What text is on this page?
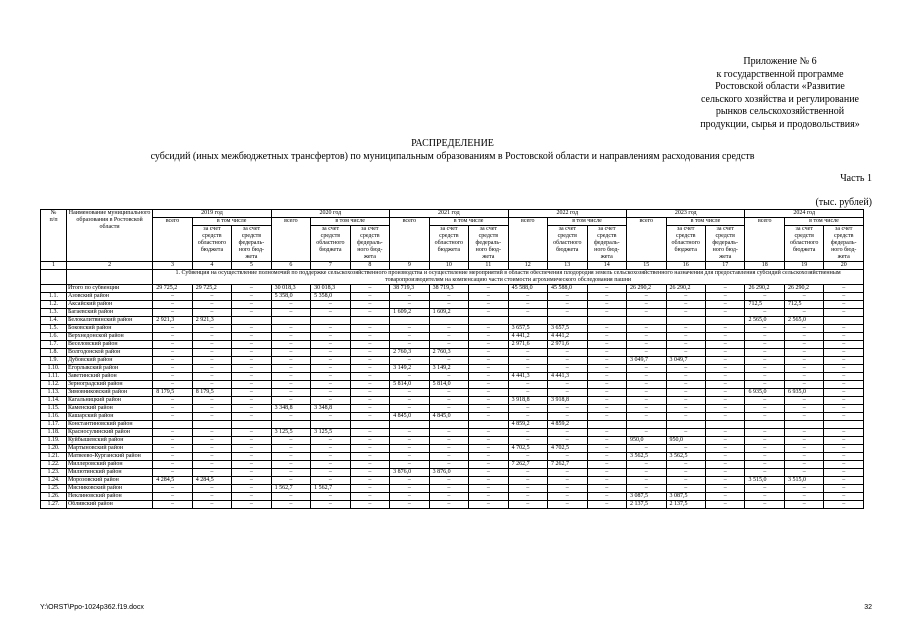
Приложение № 6
к государственной программе
Ростовской области «Развитие
сельского хозяйства и регулирование
рынков сельскохозяйственной
продукции, сырья и продовольствия»
РАСПРЕДЕЛЕНИЕ
субсидий (иных межбюджетных трансфертов) по муниципальным образованиям в Ростовской области и направлениям расходования средств
Часть 1
(тыс. рублей)
№
п/п	Наименование муниципального образования в Ростовской области	2019 год			2020 год			2021 год			2022 год			2023 год			2024 год		
		всего	в том числе		всего	в том числе		всего	в том числе		всего	в том числе		всего	в том числе		всего	в том числе	
			за счет средств областного бюджета	за счет средств федераль-ного бюд-жета		за счет средств областного бюджета	за счет средств федераль-ного бюд-жета		за счет средств областного бюджета	за счет средств федераль-ного бюд-жета		за счет средств областного бюджета	за счет средств федераль-ного бюд-жета		за счет средств областного бюджета	за счет средств федераль-ного бюд-жета		за счет средств областного бюджета	за счет средств федераль-ного бюд-жета
1	2	3	4	5	6	7	8	9	10	11	12	13	14	15	16	17	18	19	20
		1. Субвенция на осуществление полномочий по поддержке сельскохозяйственного производства и осуществление мероприятий в области обеспечения плодородия земель сельскохозяйственного назначения для предоставления субсидий сельскохозяйственным товаропроизводителям на компенсацию части стоимости агрохимического обследования пашни																	
	Итого по субвенции	29 725,2	29 725,2	–	30 018,3	30 018,3	–	38 719,3	38 719,3	–	45 588,0	45 588,0	–	26 290,2	26 290,2	–	26 290,2	26 290,2	–
1.1.	Азовский район	–	–	–	5 358,0	5 358,0	–	–	–	–	–	–	–	–	–	–	–	–	–
1.2.	Аксайский район	–	–	–	–	–	–	–	–	–	–	–	–	–	–	–	712,5	712,5	–
1.3.	Багаевский район	–	–	–	–	–	–	1 609,2	1 609,2	–	–	–	–	–	–	–	–	–	–
1.4.	Белокалитвинский район	2 921,3	2 921,3														2 565,0	2 565,0	
1.5.	Боковский район	–	–	–	–	–	–	–	–	–	3 657,5	3 657,5	–	–	–	–	–	–	–
1.6.	Верхнедонской район	–	–	–	–	–	–	–	–	–	4 441,2	4 441,2	–	–	–	–	–	–	–
1.7.	Веселовский район	–	–	–	–	–	–	–	–	–	2 971,6	2 971,6	–	–	–	–	–	–	–
1.8.	Волгодонской район	–	–	–	–	–	–	2 760,3	2 760,3	–	–	–	–	–	–	–	–	–	–
1.9.	Дубовский район	–	–	–	–	–	–	–	–	–	–	–	–	3 049,7	3 049,7	–	–	–	–
1.10.	Егорлыкский район	–	–	–	–	–	–	3 149,2	3 149,2	–	–	–	–	–	–	–	–	–	–
1.11.	Заветинский район	–	–	–	–	–	–	–	–	–	4 441,3	4 441,3	–	–	–	–	–	–	–
1.12.	Зерноградский район	–	–	–	–	–	–	5 814,0	5 814,0	–	–	–	–	–	–	–	–	–	–
1.13.	Зимовниковский район	8 179,5	8 179,5	–	–	–	–	–	–	–	–	–	–	–	–	–	6 935,0	6 935,0	–
1.14.	Кагальницкий район	–	–	–	–	–	–	–	–	–	3 918,8	3 918,8	–	–	–	–	–	–	–
1.15.	Каменский район	–	–	–	3 348,8	3 348,8	–	–	–	–	–	–	–	–	–	–	–	–	–
1.16.	Кашарский район	–	–	–	–	–	–	4 845,0	4 845,0	–	–	–	–	–	–	–	–	–	–
1.17.	Константиновский район										4 859,2	4 859,2							
1.18.	Красносулинский район	–	–	–	3 125,5	3 125,5	–	–	–	–	–	–	–	–	–	–	–	–	–
1.19.	Куйбышевский район	–	–	–	–	–	–	–	–	–	–	–	–	950,0	950,0	–	–	–	–
1.20.	Мартыновский район	–	–	–	–	–	–	–	–	–	4 702,5	4 702,5	–	–	–	–	–	–	–
1.21.	Матвеево-Курганский район	–	–	–	–	–	–	–	–	–	–	–	–	3 562,5	3 562,5	–	–	–	–
1.22.	Миллеровский район	–	–	–	–	–	–	–	–	–	7 262,7	7 262,7	–	–	–	–	–	–	–
1.23.	Милютинский район	–	–	–	–	–	–	3 876,0	3 876,0	–	–	–	–	–	–	–	–	–	–
1.24.	Морозовский район	4 284,5	4 284,5	–	–	–	–	–	–	–	–	–	–	–	–	–	3 515,0	3 515,0	–
1.25.	Мясниковский район	–	–	–	1 562,7	1 562,7	–	–	–	–	–	–	–	–	–	–	–	–	–
1.26.	Неклиновский район	–	–	–	–	–	–	–	–	–	–	–	–	3 087,5	3 087,5	–	–	–	–
1.27.	Обливский район	–	–	–	–	–	–	–	–	–	–	–	–	2 137,5	2 137,5	–	–	–	–
Y:\ORST\Ppo-1024p362.f19.docx	32
